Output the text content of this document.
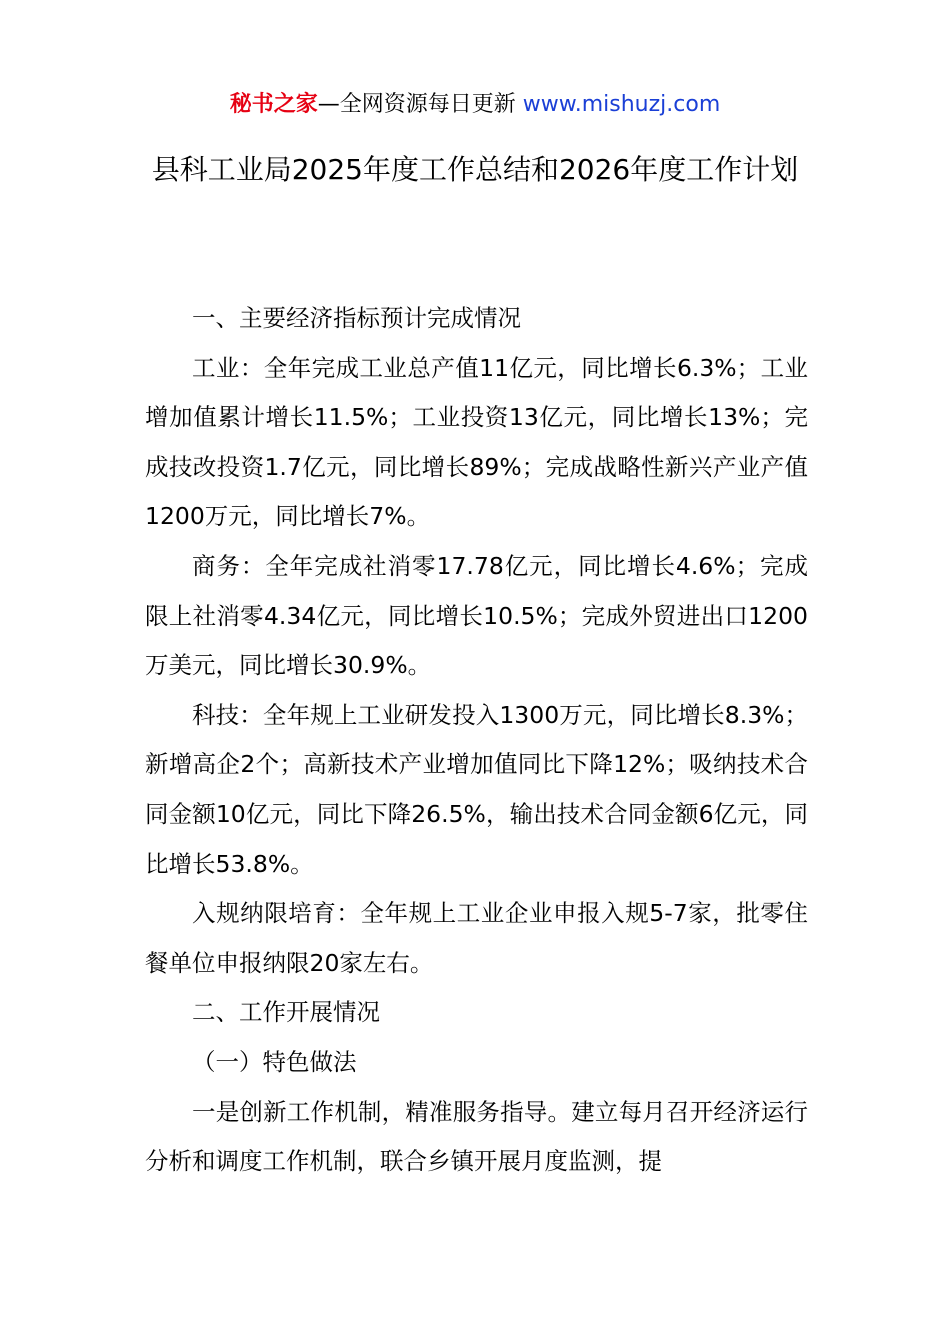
秘书之家—全网资源每日更新 www.mishuzj.com
县科工业局2025年度工作总结和2026年度工作计划

一、主要经济指标预计完成情况

工业：全年完成工业总产值11亿元，同比增长6.3%；工业增加值累计增长11.5%；工业投资13亿元，同比增长13%；完成技改投资1.7亿元，同比增长89%；完成战略性新兴产业产值1200万元，同比增长7%。

商务：全年完成社消零17.78亿元，同比增长4.6%；完成限上社消零4.34亿元，同比增长10.5%；完成外贸进出口1200万美元，同比增长30.9%。

科技：全年规上工业研发投入1300万元，同比增长8.3%；新增高企2个；高新技术产业增加值同比下降12%；吸纳技术合同金额10亿元，同比下降26.5%，输出技术合同金额6亿元，同比增长53.8%。

入规纳限培育：全年规上工业企业申报入规5-7家，批零住餐单位申报纳限20家左右。

二、工作开展情况

（一）特色做法

一是创新工作机制，精准服务指导。建立每月召开经济运行分析和调度工作机制，联合乡镇开展月度监测，提
